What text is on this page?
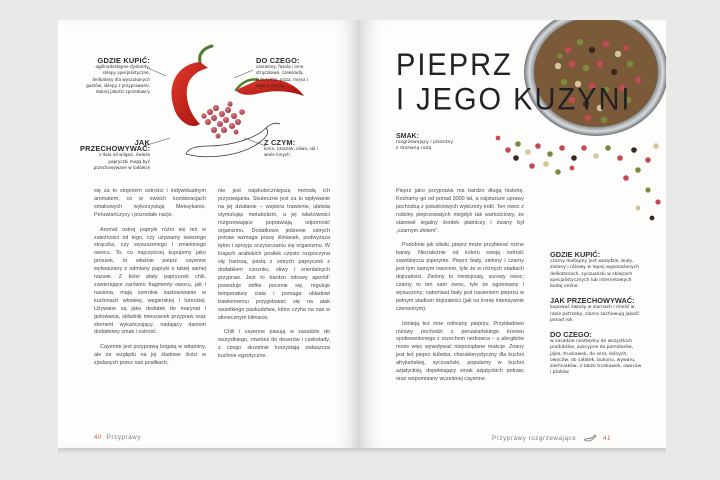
GDZIE KUPIĆ:
ogólnodostępne dyskonty, sklepy specjalistyczne, delikatesy dla wyszukanych gustów, sklepy z przyprawami, dobrej jakości sprzedawcy
DO CZEGO:
czerwony, fasola i inne strączkowe, czekolada, kukurydza, pizza, mięsa i owoce morza
JAK PRZECHOWYWAĆ:
z dala od wilgoci, świeże papryczki mogą być przechowywane w lodówce
Z CZYM:
kmin, czosnek, oliwa, sól i wiele innych

się za to stopniem ostrości i indywidualnym aromatem, co w swoich kombinacjach smakowych wykorzystują Meksykanie, Peruwiańczycy i pozostałe nacje.

Aromat ostrej papryki różni się też w zależności od tego, czy używamy świeżego strączka, czy wysuszonego i zmielonego owocu. To, co najczęściej kupujemy jako proszek, to właśnie pieprz cayenne wytwarzany z odmiany papryki o takiej samej nazwie. Z kolei płaty papryczek chili, zawierające zarówno fragmenty owocu, jak i nasiona, mają szerokie zastosowanie w kuchniach włoskiej, węgierskiej i tureckiej. Używane są jako dodatek do marynat i gotowania, składnik mieszanek przypraw oraz element wykańczający, nadający daniom dodatkowy smak i ostrość.

Cayenne jest przyprawą bogatą w witaminy, ale ze względu na jej śladowe ilości w zjadanych przez nas posiłkach,

nie jest najskuteczniejszą metodą ich przyswajania. Skuteczne jest za to wpływanie na jej działanie – wspiera trawienie, ułatwia stymulując metabolizm, a jej właściwości rozgrzewające poprawiają odporność organizmu. Dodatkowo jedzenie ostrych potraw wzmaga pracę ślinianek, podwyższa tętno i sprzyja oczyszczaniu się organizmu. W krajach arabskich posiłek często rozpoczyna się harissą, pastą z ostrych papryczek z dodatkiem czosnku, oliwy i orientalnych przypraw. Jest to bardzo zdrowy aperitif: powoduje obfite pocenie się, reguluje temperaturę ciała i pomaga układowi trawiennemu przygotować się na atak wszelkiego paskudztwa, które czyha na nas w słonecznym klimacie.

Chili i cayenne pasują w zasadzie do wszystkiego, również do deserów i czekolady, z czego skrzętnie korzystają zwłaszcza kuchnie egzotyczne.

40 Przyprawy
PIEPRZ
I JEGO KUZYNI
SMAK:
rozgrzewający i pikantny z drzewną nutą

Pieprz jako przyprawa ma bardzo długą historię. Kochamy go od ponad 3000 lat, a najstarsze uprawy pochodzą z południowych wybrzeży Indii. Ten owoc z rodziny pieprzowatych niegdyś tak wartościowy, że stanowił legalny środek płatniczy i zwany był „czarnym złotem”.

Podobnie jak oliwki, pieprz może przybierać różne barwy. Niezależnie od koloru swoją ostrość zawdzięcza piperynie. Pieprz biały, zielony i czarny jest tym samym owocem, tyle że w różnych stadiach dojrzałości. Zielony to niedojrzały, surowy owoc; czarny to ten sam owoc, tyle że ugotowany i wysuszony; natomiast biały jest nasieniem pieprzu w pełnym stadium dojrzałości (jak na ironię intensywnie czerwonym).

Istnieją też inne odmiany pieprzu. Przykładowo różowy pochodzi z peruwiańskiego krzewu spokrewnionego z orzechem nerkowca – u alergików może więc wywoływać niepożądane reakcje. Znany jest też pieprz kubeba, charakterystyczny dla kuchni afrykańskiej, syczuański, popularny w kuchni azjatyckiej, dopełniający smak azjatyckich potraw, oraz wspomniany wcześniej cayenne.

GDZIE KUPIĆ:
czarny dostępny jest wszędzie, biały, zielony i różowy w lepiej wyposażonych delikatesach, syczuański w sklepach specjalistycznych lub internetowych bodaj online
JAK PRZECHOWYWAĆ:
kupować świeży w ziarnach i mielić w razie potrzeby, ziarna zachowują jakość ponad rok
DO CZEGO:
w zasadzie niezbędny do wszystkich produktów, aukcyjnie do pomidorów, jajka, truskawek, do sera, leśnych, owoców, do sałatek, bulionu, wywaru, ziemniaków, a także truskawek, owoców i ptaków
Przyprawy rozgrzewające	41
